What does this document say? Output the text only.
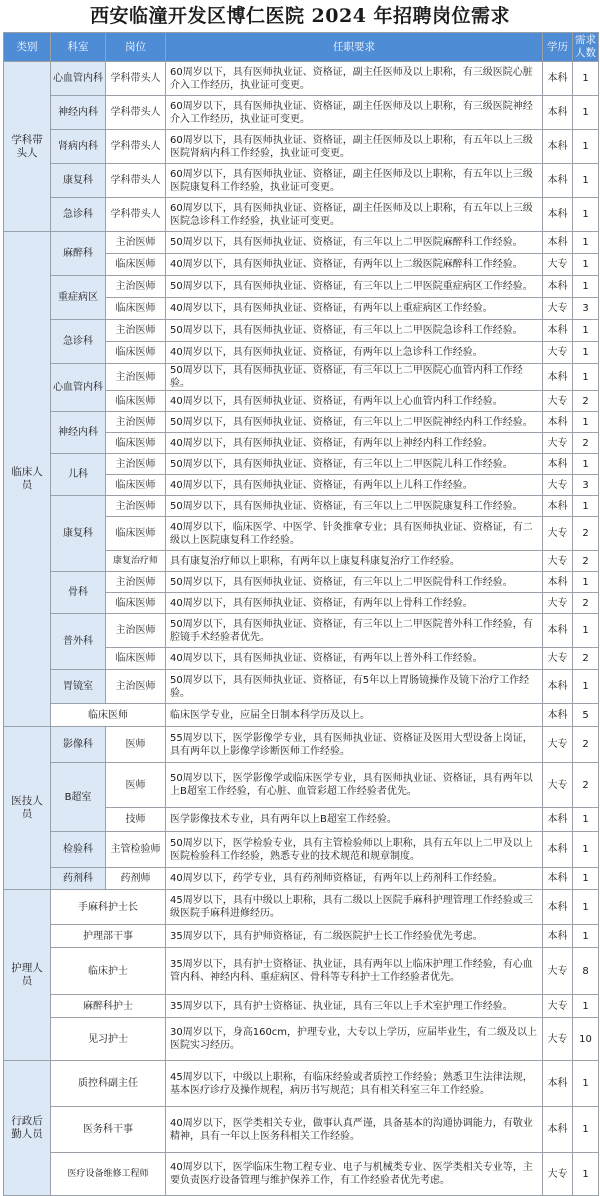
西安临潼开发区博仁医院 2024 年招聘岗位需求
类别	科室	岗位	任职要求	学历	需求人数
学科带头人	心血管内科	学科带头人	60周岁以下，具有医师执业证、资格证，副主任医师及以上职称，有三级医院心脏介入工作经历，执业证可变更。	本科	1
	神经内科	学科带头人	60周岁以下，具有医师执业证、资格证，副主任医师及以上职称，有三级医院神经介入工作经历，执业证可变更。	本科	1
	肾病内科	学科带头人	60周岁以下，具有医师执业证、资格证，副主任医师及以上职称，有五年以上三级医院肾病内科工作经验，执业证可变更。	本科	1
	康复科	学科带头人	60周岁以下，具有医师执业证、资格证，副主任医师及以上职称，有五年以上三级医院康复科工作经验，执业证可变更。	本科	1
	急诊科	学科带头人	60周岁以下，具有医师执业证、资格证，副主任医师及以上职称，有五年以上三级医院急诊科工作经验，执业证可变更。	本科	1
临床人员	麻醉科	主治医师	50周岁以下，具有医师执业证、资格证，有三年以上二甲医院麻醉科工作经验。	本科	1
		临床医师	40周岁以下，具有医师执业证、资格证，有两年以上二级医院麻醉科工作经验。	大专	1
	重症病区	主治医师	50周岁以下，具有医师执业证、资格证，有三年以上二甲医院重症病区工作经验。	本科	1
		临床医师	40周岁以下，具有医师执业证、资格证，有两年以上重症病区工作经验。	大专	3
	急诊科	主治医师	50周岁以下，具有医师执业证、资格证，有三年以上二甲医院急诊科工作经验。	本科	1
		临床医师	40周岁以下，具有医师执业证、资格证，有两年以上急诊科工作经验。	大专	1
	心血管内科	主治医师	50周岁以下，具有医师执业证、资格证，有三年以上二甲医院心血管内科工作经验。	本科	1
		临床医师	40周岁以下，具有医师执业证、资格证，有两年以上心血管内科工作经验。	大专	2
	神经内科	主治医师	50周岁以下，具有医师执业证、资格证，有三年以上二甲医院神经内科工作经验。	本科	1
		临床医师	40周岁以下，具有医师执业证、资格证，有两年以上神经内科工作经验。	大专	2
	儿科	主治医师	50周岁以下，具有医师执业证、资格证，有三年以上二甲医院儿科工作经验。	本科	1
		临床医师	40周岁以下，具有医师执业证、资格证，有两年以上儿科工作经验。	大专	3
	康复科	主治医师	50周岁以下，具有医师执业证、资格证，有三年以上二甲医院康复科工作经验。	本科	1
		临床医师	40周岁以下，临床医学、中医学、针灸推拿专业；具有医师执业证、资格证，有二级以上医院康复科工作经验。	大专	2
		康复治疗师	具有康复治疗师以上职称，有两年以上康复科康复治疗工作经验。	大专	2
	骨科	主治医师	50周岁以下，具有医师执业证、资格证，有三年以上二甲医院骨科工作经验。	本科	1
		临床医师	40周岁以下，具有医师执业证、资格证，有两年以上骨科工作经验。	大专	2
	普外科	主治医师	50周岁以下，具有医师执业证、资格证，有三年以上二甲医院普外科工作经验，有腔镜手术经验者优先。	本科	1
		临床医师	40周岁以下，具有医师执业证、资格证，有两年以上普外科工作经验。	大专	2
	胃镜室	主治医师	50周岁以下，具有医师执业证、资格证，有5年以上胃肠镜操作及镜下治疗工作经验。	本科	1
	临床医师		临床医学专业，应届全日制本科学历及以上。	本科	5
医技人员	影像科	医师	55周岁以下，医学影像学专业，具有医师执业证、资格证及医用大型设备上岗证，具有两年以上影像学诊断医师工作经验。	大专	2
	B超室	医师	50周岁以下，医学影像学或临床医学专业，具有医师执业证、资格证，具有两年以上B超室工作经验，有心脏、血管彩超工作经验者优先。	大专	2
		技师	医学影像技术专业，具有两年以上B超室工作经验。	本科	1
	检验科	主管检验师	50周岁以下，医学检验专业，具有主管检验师以上职称，具有五年以上二甲及以上医院检验科工作经验，熟悉专业的技术规范和规章制度。	本科	1
	药剂科	药剂师	40周岁以下，药学专业，具有药剂师资格证，有两年以上药剂科工作经验。	本科	1
护理人员	手麻科护士长		45周岁以下，具有中级以上职称，具有二级以上医院手麻科护理管理工作经验或三级医院手麻科进修经历。	本科	1
	护理部干事		35周岁以下，具有护师资格证，有二级医院护士长工作经验优先考虑。	本科	1
	临床护士		35周岁以下，具有护士资格证、执业证，具有两年以上临床护理工作经验，有心血管内科、神经内科、重症病区、骨科等专科护士工作经验者优先。	大专	8
	麻醉科护士		35周岁以下，具有护士资格证、执业证，具有三年以上手术室护理工作经验。	大专	1
	见习护士		30周岁以下，身高160cm，护理专业，大专以上学历，应届毕业生，有二级及以上医院实习经历。	大专	10
行政后勤人员	质控科副主任		45周岁以下，中级以上职称，有临床经验或者质控工作经验；熟悉卫生法律法规，基本医疗诊疗及操作规程，病历书写规范；具有相关科室三年工作经验。	本科	1
	医务科干事		40周岁以下，医学类相关专业，做事认真严谨，具备基本的沟通协调能力，有敬业精神，具有一年以上医务科相关工作经验。	本科	1
	医疗设备维修工程师		40周岁以下，医学临床生物工程专业、电子与机械类专业、医学类相关专业等，主要负责医疗设备管理与维护保养工作，有工作经验者优先考虑。	大专	1
